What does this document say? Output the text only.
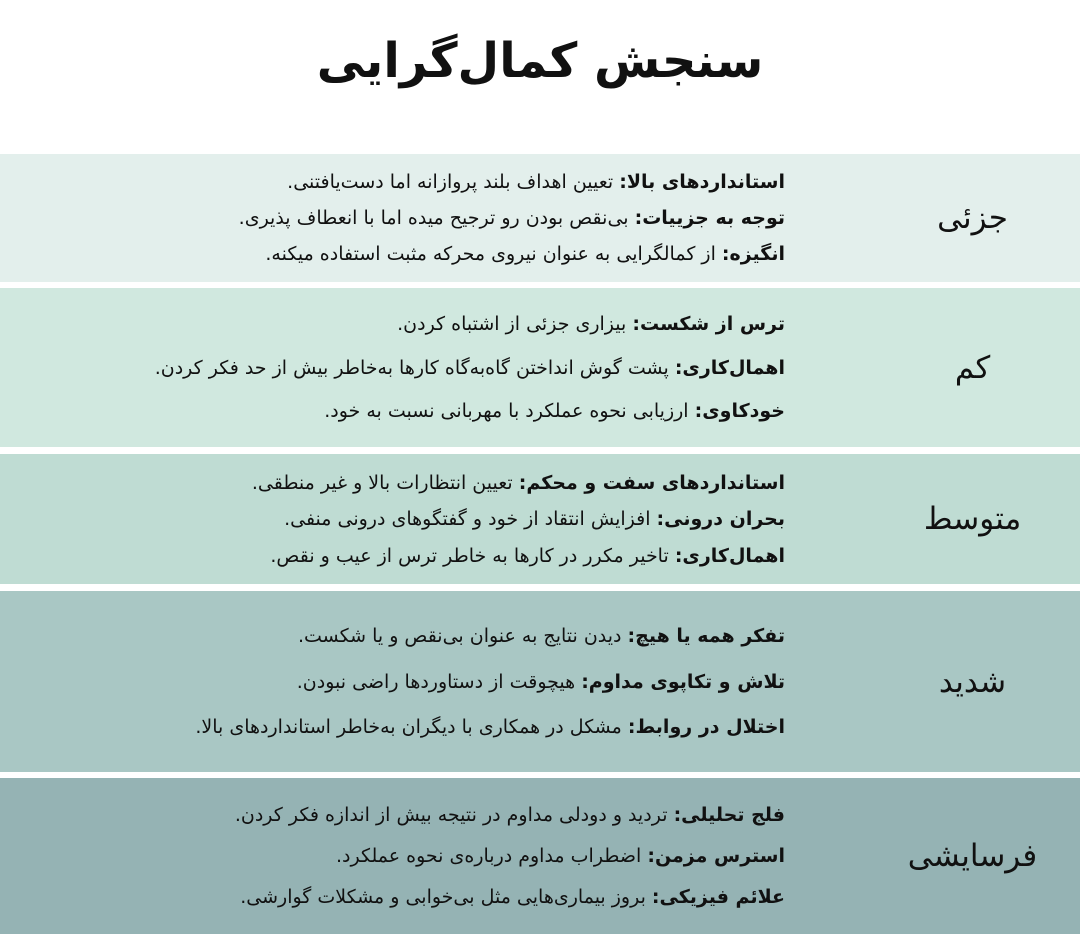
سنجش کمال‌گرایی
جزئی
استانداردهای بالا: تعیین اهداف بلند پروازانه اما دست‌یافتنی.
توجه به جزییات: بی‌نقص بودن رو ترجیح میده اما با انعطاف پذیری.
انگیزه: از کمالگرایی به عنوان نیروی محرکه مثبت استفاده میکنه.
کم
ترس از شکست: بیزاری جزئی از اشتباه کردن.
اهمال‌کاری: پشت گوش انداختن گاه‌به‌گاه کارها به‌خاطر بیش از حد فکر کردن.
خودکاوی: ارزیابی نحوه عملکرد با مهربانی نسبت به خود.
متوسط
استانداردهای سفت و محکم: تعیین انتظارات بالا و غیر منطقی.
بحران درونی: افزایش انتقاد از خود و گفتگوهای درونی منفی.
اهمال‌کاری: تاخیر مکرر در کارها به خاطر ترس از عیب و نقص.
شدید
تفکر همه یا هیچ: دیدن نتایج به عنوان بی‌نقص و یا شکست.
تلاش و تکاپوی مداوم: هیچوقت از دستاوردها راضی نبودن.
اختلال در روابط: مشکل در همکاری با دیگران به‌خاطر استانداردهای بالا.
فرسایشی
فلج تحلیلی: تردید و دودلی مداوم در نتیجه بیش از اندازه فکر کردن.
استرس مزمن: اضطراب مداوم درباره‌ی نحوه عملکرد.
علائم فیزیکی: بروز بیماری‌هایی مثل بی‌خوابی و مشکلات گوارشی.
